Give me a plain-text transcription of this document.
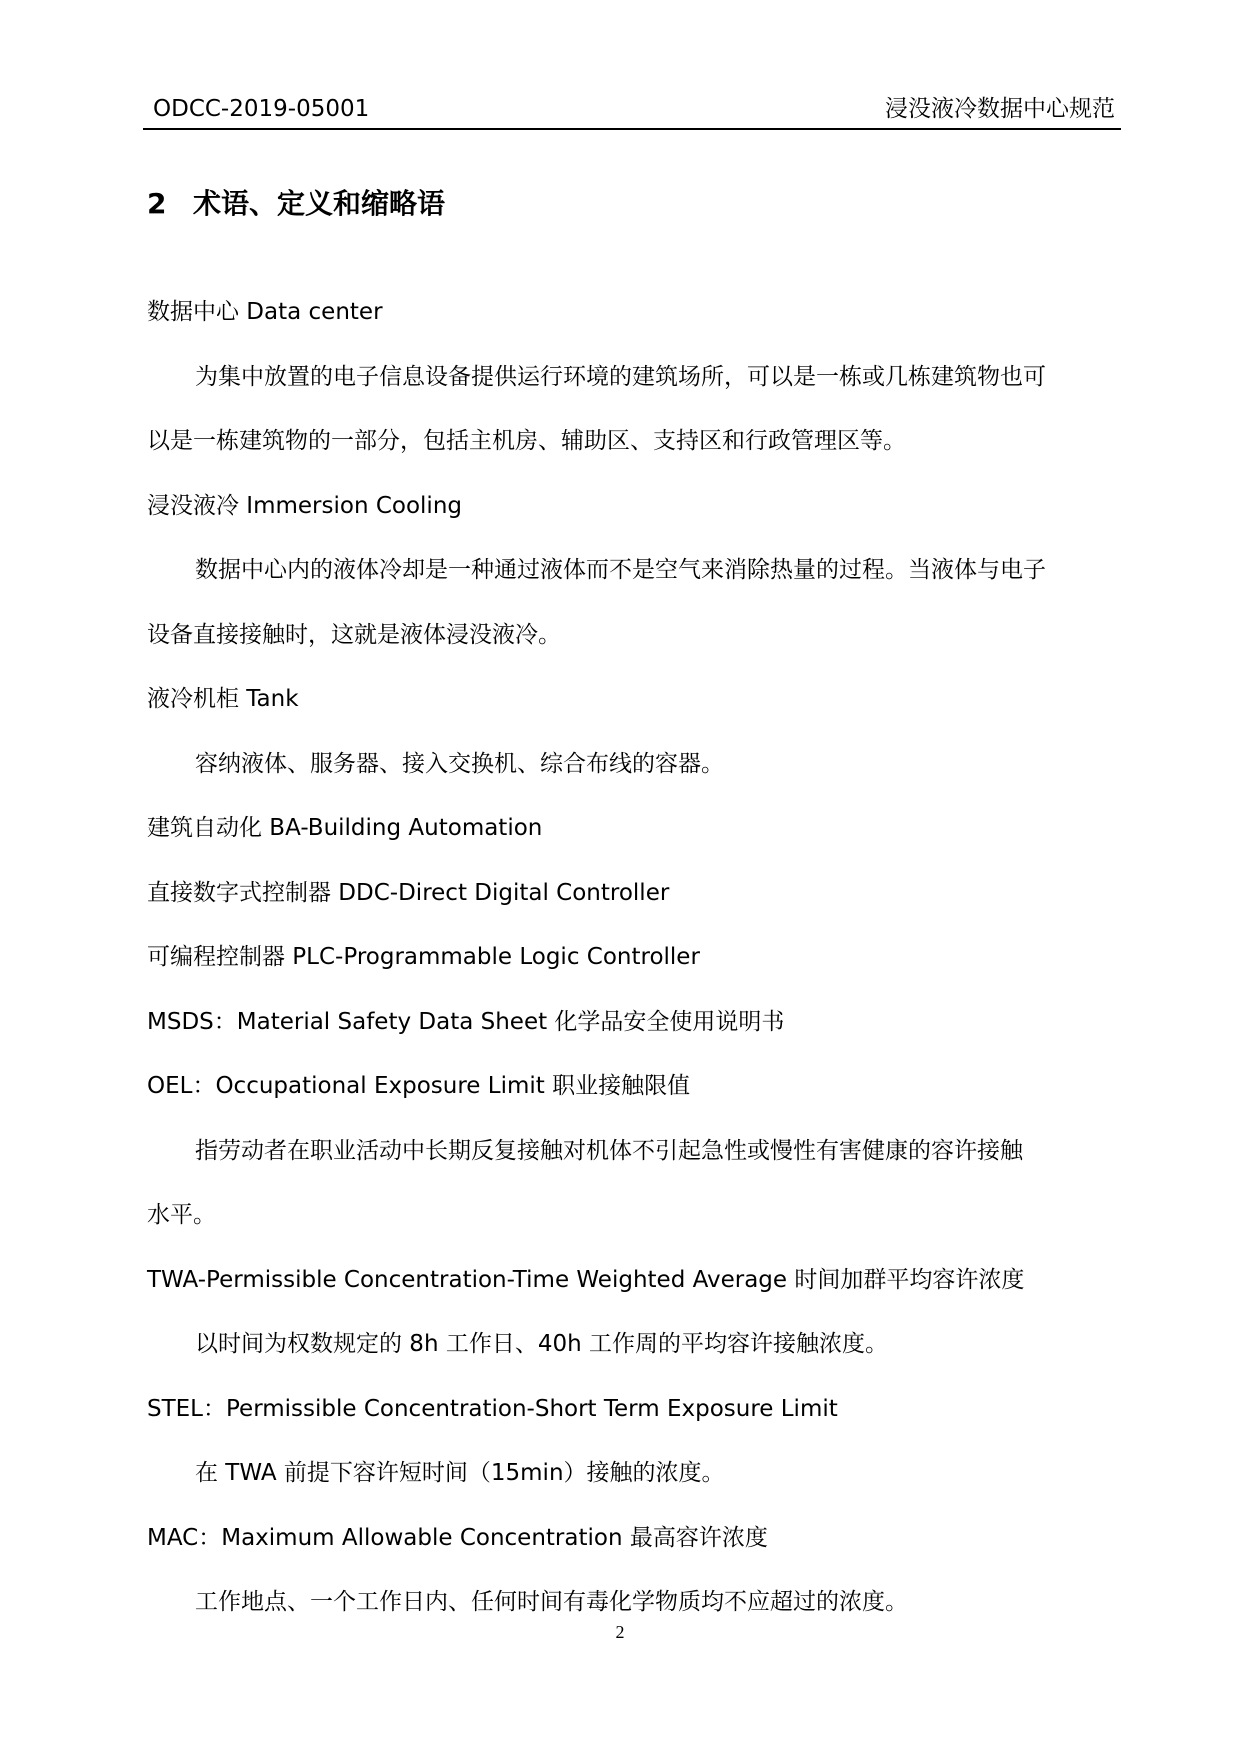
ODCC-2019-05001	浸没液冷数据中心规范
2 术语、定义和缩略语
数据中心 Data center
为集中放置的电子信息设备提供运行环境的建筑场所，可以是一栋或几栋建筑物也可
以是一栋建筑物的一部分，包括主机房、辅助区、支持区和行政管理区等。
浸没液冷 Immersion Cooling
数据中心内的液体冷却是一种通过液体而不是空气来消除热量的过程。当液体与电子
设备直接接触时，这就是液体浸没液冷。
液冷机柜 Tank
容纳液体、服务器、接入交换机、综合布线的容器。
建筑自动化 BA-Building Automation
直接数字式控制器 DDC-Direct Digital Controller
可编程控制器 PLC-Programmable Logic Controller
MSDS：Material Safety Data Sheet 化学品安全使用说明书
OEL：Occupational Exposure Limit 职业接触限值
指劳动者在职业活动中长期反复接触对机体不引起急性或慢性有害健康的容许接触
水平。
TWA-Permissible Concentration-Time Weighted Average 时间加群平均容许浓度
以时间为权数规定的 8h 工作日、40h 工作周的平均容许接触浓度。
STEL：Permissible Concentration-Short Term Exposure Limit
在 TWA 前提下容许短时间（15min）接触的浓度。
MAC：Maximum Allowable Concentration 最高容许浓度
工作地点、一个工作日内、任何时间有毒化学物质均不应超过的浓度。
2
